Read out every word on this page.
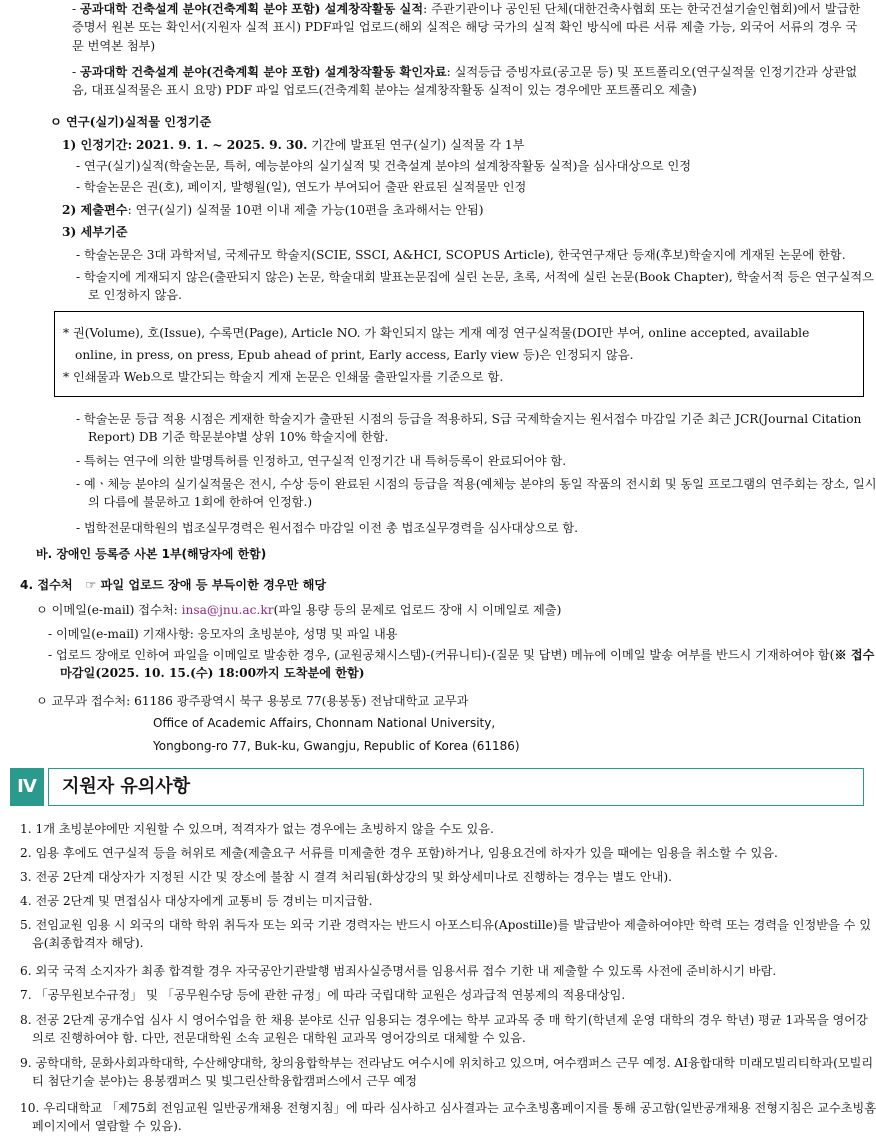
- 공과대학 건축설계 분야(건축계획 분야 포함) 설계창작활동 실적: 주관기관이나 공인된 단체(대한건축사협회 또는 한국건설기술인협회)에서 발급한 증명서 원본 또는 확인서(지원자 실적 표시) PDF파일 업로드(해외 실적은 해당 국가의 실적 확인 방식에 따른 서류 제출 가능, 외국어 서류의 경우 국문 번역본 첨부)

- 공과대학 건축설계 분야(건축계획 분야 포함) 설계창작활동 확인자료: 실적등급 증빙자료(공고문 등) 및 포트폴리오(연구실적물 인정기간과 상관없음, 대표실적물은 표시 요망) PDF 파일 업로드(건축계획 분야는 설계창작활동 실적이 있는 경우에만 포트폴리오 제출)

ㅇ 연구(실기)실적물 인정기준

1) 인정기간: 2021. 9. 1. ~ 2025. 9. 30. 기간에 발표된 연구(실기) 실적물 각 1부

- 연구(실기)실적(학술논문, 특허, 예능분야의 실기실적 및 건축설계 분야의 설계창작활동 실적)을 심사대상으로 인정

- 학술논문은 권(호), 페이지, 발행월(일), 연도가 부여되어 출판 완료된 실적물만 인정

2) 제출편수: 연구(실기) 실적물 10편 이내 제출 가능(10편을 초과해서는 안됨)

3) 세부기준

- 학술논문은 3대 과학저널, 국제규모 학술지(SCIE, SSCI, A&HCI, SCOPUS Article), 한국연구재단 등재(후보)학술지에 게재된 논문에 한함.

- 학술지에 게재되지 않은(출판되지 않은) 논문, 학술대회 발표논문집에 실린 논문, 초록, 서적에 실린 논문(Book Chapter), 학술서적 등은 연구실적으로 인정하지 않음.

* 권(Volume), 호(Issue), 수록면(Page), Article NO. 가 확인되지 않는 게재 예정 연구실적물(DOI만 부여, online accepted, available online, in press, on press, Epub ahead of print, Early access, Early view 등)은 인정되지 않음.

* 인쇄물과 Web으로 발간되는 학술지 게재 논문은 인쇄물 출판일자를 기준으로 함.

- 학술논문 등급 적용 시점은 게재한 학술지가 출판된 시점의 등급을 적용하되, S급 국제학술지는 원서접수 마감일 기준 최근 JCR(Journal Citation Report) DB 기준 학문분야별 상위 10% 학술지에 한함.

- 특허는 연구에 의한 발명특허를 인정하고, 연구실적 인정기간 내 특허등록이 완료되어야 함.

- 예ㆍ체능 분야의 실기실적물은 전시, 수상 등이 완료된 시점의 등급을 적용(예체능 분야의 동일 작품의 전시회 및 동일 프로그램의 연주회는 장소, 일시의 다름에 불문하고 1회에 한하여 인정함.)

- 법학전문대학원의 법조실무경력은 원서접수 마감일 이전 총 법조실무경력을 심사대상으로 함.

바. 장애인 등록증 사본 1부(해당자에 한함)

4. 접수처 ☞ 파일 업로드 장애 등 부득이한 경우만 해당

ㅇ 이메일(e-mail) 접수처: insa@jnu.ac.kr(파일 용량 등의 문제로 업로드 장애 시 이메일로 제출)

- 이메일(e-mail) 기재사항: 응모자의 초빙분야, 성명 및 파일 내용

- 업로드 장애로 인하여 파일을 이메일로 발송한 경우, (교원공채시스템)-(커뮤니티)-(질문 및 답변) 메뉴에 이메일 발송 여부를 반드시 기재하여야 함(※ 접수 마감일(2025. 10. 15.(수) 18:00까지 도착분에 한함)

ㅇ 교무과 접수처: 61186 광주광역시 북구 용봉로 77(용봉동) 전남대학교 교무과

Office of Academic Affairs, Chonnam National University,

Yongbong-ro 77, Buk-ku, Gwangju, Republic of Korea (61186)

Ⅳ	지원자 유의사항

1. 1개 초빙분야에만 지원할 수 있으며, 적격자가 없는 경우에는 초빙하지 않을 수도 있음.

2. 임용 후에도 연구실적 등을 허위로 제출(제출요구 서류를 미제출한 경우 포함)하거나, 임용요건에 하자가 있을 때에는 임용을 취소할 수 있음.

3. 전공 2단계 대상자가 지정된 시간 및 장소에 불참 시 결격 처리됨(화상강의 및 화상세미나로 진행하는 경우는 별도 안내).

4. 전공 2단계 및 면접심사 대상자에게 교통비 등 경비는 미지급함.

5. 전임교원 임용 시 외국의 대학 학위 취득자 또는 외국 기관 경력자는 반드시 아포스티유(Apostille)를 발급받아 제출하여야만 학력 또는 경력을 인정받을 수 있음(최종합격자 해당).

6. 외국 국적 소지자가 최종 합격할 경우 자국공안기관발행 범죄사실증명서를 임용서류 접수 기한 내 제출할 수 있도록 사전에 준비하시기 바람.

7. 「공무원보수규정」 및 「공무원수당 등에 관한 규정」에 따라 국립대학 교원은 성과급적 연봉제의 적용대상임.

8. 전공 2단계 공개수업 심사 시 영어수업을 한 채용 분야로 신규 임용되는 경우에는 학부 교과목 중 매 학기(학년제 운영 대학의 경우 학년) 평균 1과목을 영어강의로 진행하여야 함. 다만, 전문대학원 소속 교원은 대학원 교과목 영어강의로 대체할 수 있음.

9. 공학대학, 문화사회과학대학, 수산해양대학, 창의융합학부는 전라남도 여수시에 위치하고 있으며, 여수캠퍼스 근무 예정. AI융합대학 미래모빌리티학과(모빌리티 첨단기술 분야)는 용봉캠퍼스 및 빛그린산학융합캠퍼스에서 근무 예정

10. 우리대학교 「제75회 전임교원 일반공개채용 전형지침」에 따라 심사하고 심사결과는 교수초빙홈페이지를 통해 공고함(일반공개채용 전형지침은 교수초빙홈페이지에서 열람할 수 있음).
